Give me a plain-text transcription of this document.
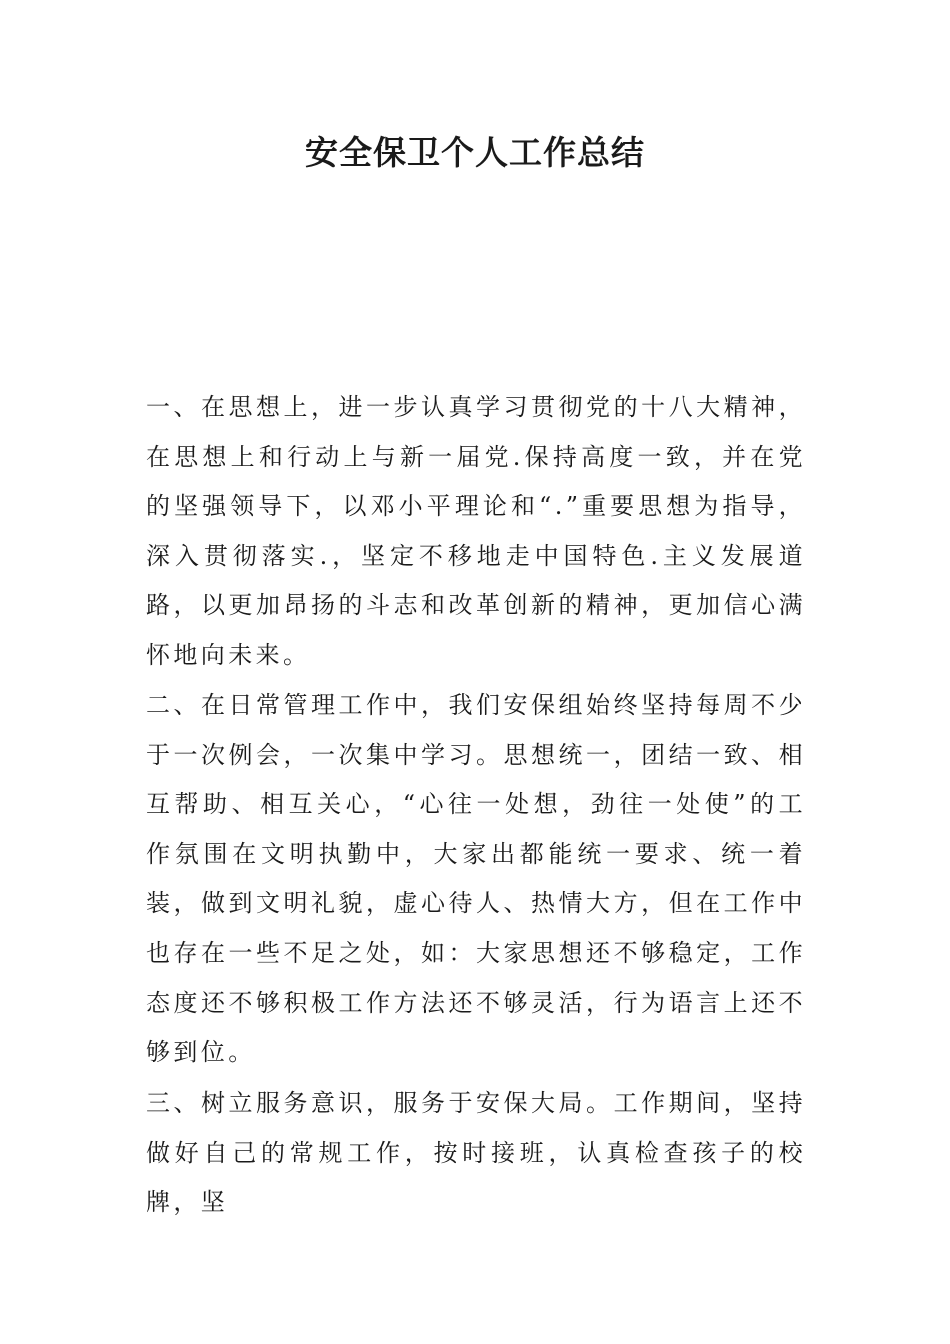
安全保卫个人工作总结

一、在思想上，进一步认真学习贯彻党的十八大精神，在思想上和行动上与新一届党.保持高度一致，并在党的坚强领导下，以邓小平理论和“.”重要思想为指导，深入贯彻落实.，坚定不移地走中国特色.主义发展道路，以更加昂扬的斗志和改革创新的精神，更加信心满怀地向未来。

二、在日常管理工作中，我们安保组始终坚持每周不少于一次例会，一次集中学习。思想统一，团结一致、相互帮助、相互关心，“心往一处想，劲往一处使”的工作氛围在文明执勤中，大家出都能统一要求、统一着装，做到文明礼貌，虚心待人、热情大方，但在工作中也存在一些不足之处，如：大家思想还不够稳定，工作态度还不够积极工作方法还不够灵活，行为语言上还不够到位。

三、树立服务意识，服务于安保大局。工作期间，坚持做好自己的常规工作，按时接班，认真检查孩子的校牌，坚
